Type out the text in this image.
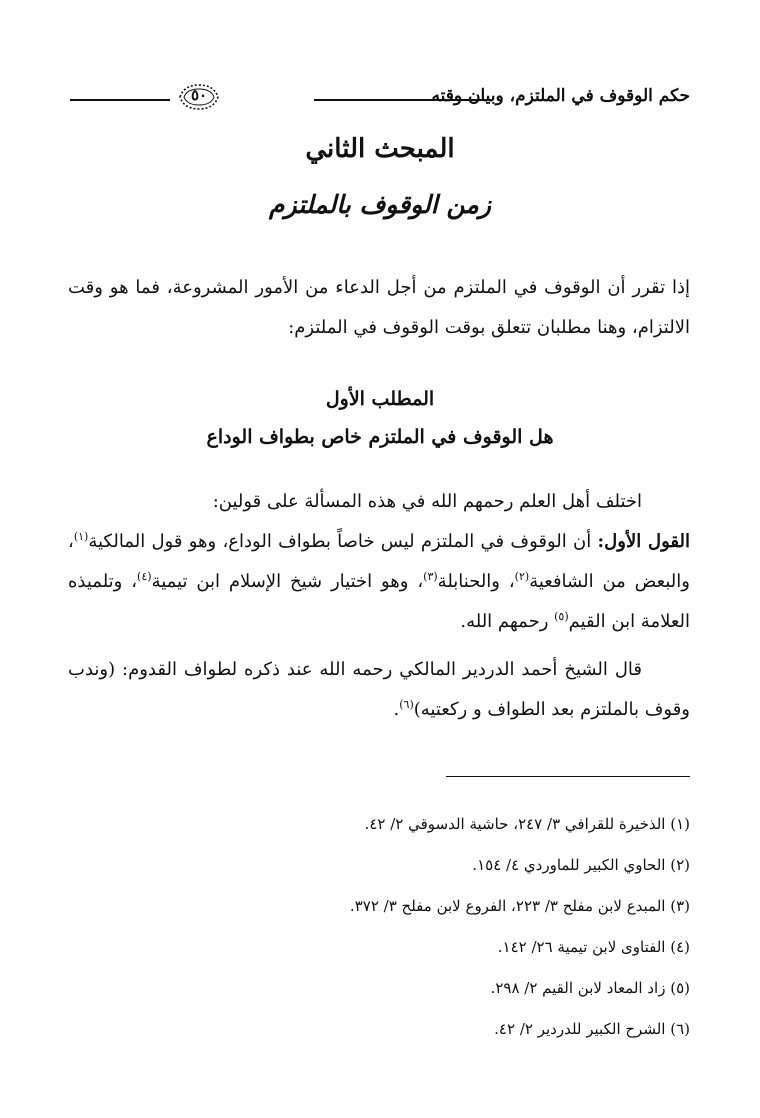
حكم الوقوف في الملتزم، وبيان وقته
٥٠
المبحث الثاني
زمن الوقوف بالملتزم

إذا تقرر أن الوقوف في الملتزم من أجل الدعاء من الأمور المشروعة، فما هو وقت الالتزام، وهنا مطلبان تتعلق بوقت الوقوف في الملتزم:

المطلب الأول
هل الوقوف في الملتزم خاص بطواف الوداع

اختلف أهل العلم رحمهم الله في هذه المسألة على قولين:

القول الأول: أن الوقوف في الملتزم ليس خاصاً بطواف الوداع، وهو قول المالكية$^{(١)}$، والبعض من الشافعية$^{(٢)}$، والحنابلة$^{(٣)}$، وهو اختيار شيخ الإسلام ابن تيمية$^{(٤)}$، وتلميذه العلامة ابن القيم$^{(٥)}$ رحمهم الله.

قال الشيخ أحمد الدردير المالكي رحمه الله عند ذكره لطواف القدوم: (وندب وقوف بالملتزم بعد الطواف و ركعتيه)$^{(٦)}$.

(١) الذخيرة للقرافي ٣/ ٢٤٧، حاشية الدسوقي ٢/ ٤٢.
(٢) الحاوي الكبير للماوردي ٤/ ١٥٤.
(٣) المبدع لابن مفلح ٣/ ٢٢٣، الفروع لابن مفلح ٣/ ٣٧٢.
(٤) الفتاوى لابن تيمية ٢٦/ ١٤٢.
(٥) زاد المعاد لابن القيم ٢/ ٢٩٨.
(٦) الشرح الكبير للدردير ٢/ ٤٢.
